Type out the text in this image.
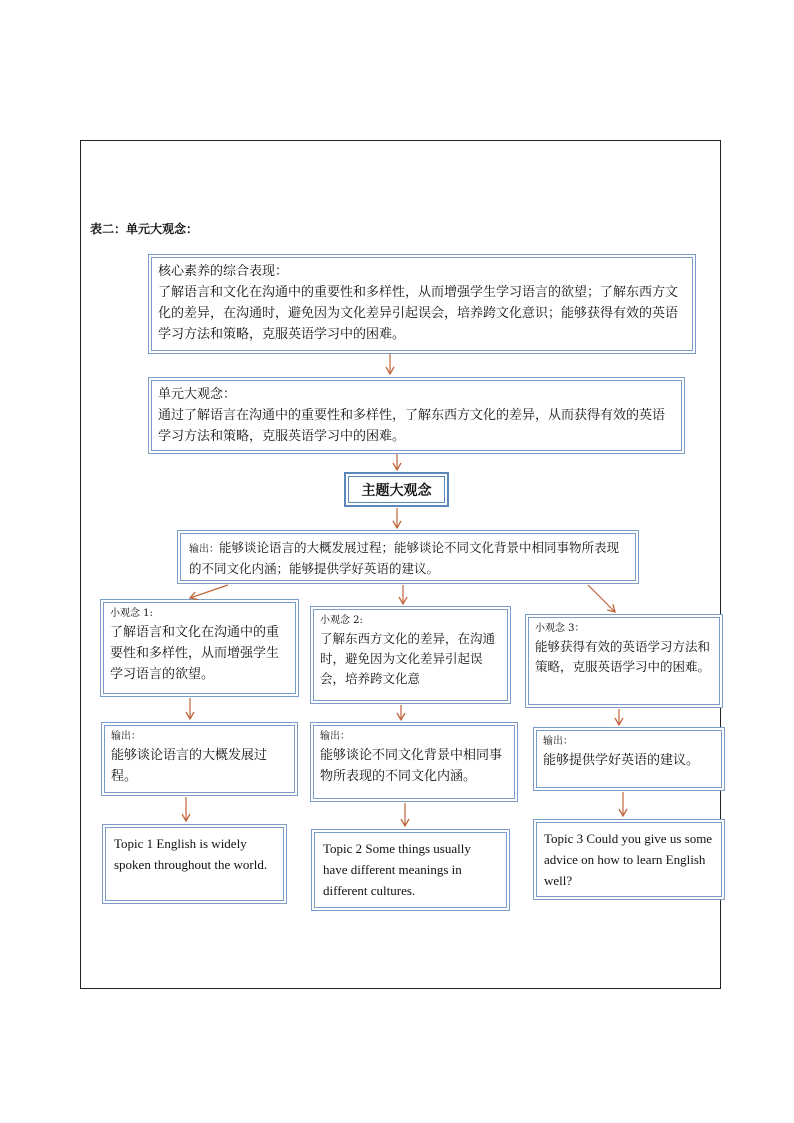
表二：单元大观念：
核心素养的综合表现：
了解语言和文化在沟通中的重要性和多样性，从而增强学生学习语言的欲望；了解东西方文化的差异，在沟通时，避免因为文化差异引起误会，培养跨文化意识；能够获得有效的英语学习方法和策略，克服英语学习中的困难。
单元大观念：
通过了解语言在沟通中的重要性和多样性，了解东西方文化的差异，从而获得有效的英语学习方法和策略，克服英语学习中的困难。
主题大观念
输出：能够谈论语言的大概发展过程；能够谈论不同文化背景中相同事物所表现的不同文化内涵；能够提供学好英语的建议。
小观念 1:
了解语言和文化在沟通中的重要性和多样性，从而增强学生学习语言的欲望。
小观念 2:
了解东西方文化的差异，在沟通时，避免因为文化差异引起误会，培养跨文化意
小观念 3：
能够获得有效的英语学习方法和策略，克服英语学习中的困难。
输出：
能够谈论语言的大概发展过程。
输出：
能够谈论不同文化背景中相同事物所表现的不同文化内涵。
输出：
能够提供学好英语的建议。
Topic 1 English is widely spoken throughout the world.
Topic 2 Some things usually have different meanings in different cultures.
Topic 3 Could you give us some advice on how to learn English well?
